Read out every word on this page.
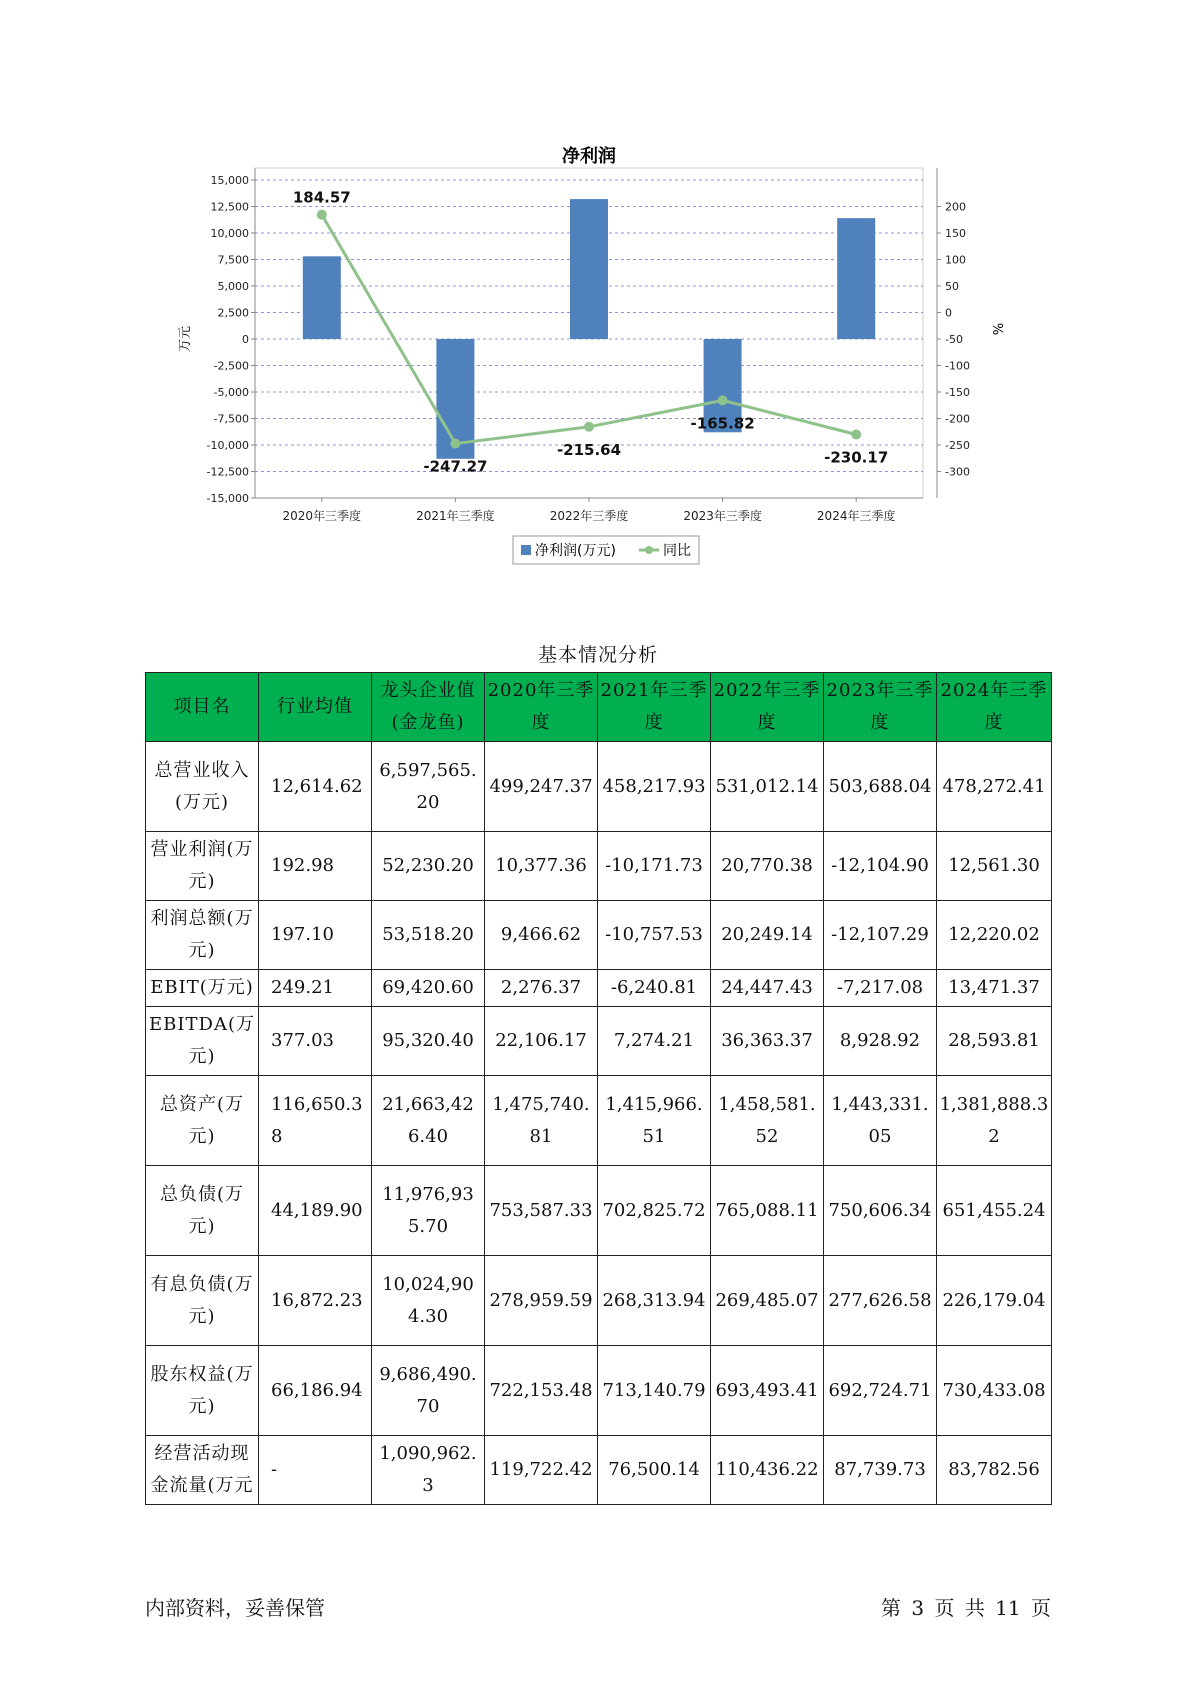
净利润
15,000
12,500
10,000
7,500
5,000
2,500
0
-2,500
-5,000
-7,500
-10,000
-12,500
-15,000
万元
200
150
100
50
0
-50
-100
-150
-200
-250
-300
%
2020年三季度	2021年三季度	2022年三季度	2023年三季度	2024年三季度
184.57
-247.27
-215.64
-165.82
-230.17
净利润(万元)	同比
基本情况分析
项目名	行业均值	龙头企业值(金龙鱼)	2020年三季度	2021年三季度	2022年三季度	2023年三季度	2024年三季度
总营业收入(万元)	12,614.62	6,597,565.20	499,247.37	458,217.93	531,012.14	503,688.04	478,272.41
营业利润(万元)	192.98	52,230.20	10,377.36	-10,171.73	20,770.38	-12,104.90	12,561.30
利润总额(万元)	197.10	53,518.20	9,466.62	-10,757.53	20,249.14	-12,107.29	12,220.02
EBIT(万元)	249.21	69,420.60	2,276.37	-6,240.81	24,447.43	-7,217.08	13,471.37
EBITDA(万元)	377.03	95,320.40	22,106.17	7,274.21	36,363.37	8,928.92	28,593.81
总资产(万元)	116,650.38	21,663,426.40	1,475,740.81	1,415,966.51	1,458,581.52	1,443,331.05	1,381,888.32
总负债(万元)	44,189.90	11,976,935.70	753,587.33	702,825.72	765,088.11	750,606.34	651,455.24
有息负债(万元)	16,872.23	10,024,904.30	278,959.59	268,313.94	269,485.07	277,626.58	226,179.04
股东权益(万元)	66,186.94	9,686,490.70	722,153.48	713,140.79	693,493.41	692,724.71	730,433.08
经营活动现金流量(万元	-	1,090,962.3	119,722.42	76,500.14	110,436.22	87,739.73	83,782.56
内部资料，妥善保管	第 3 页 共 11 页
